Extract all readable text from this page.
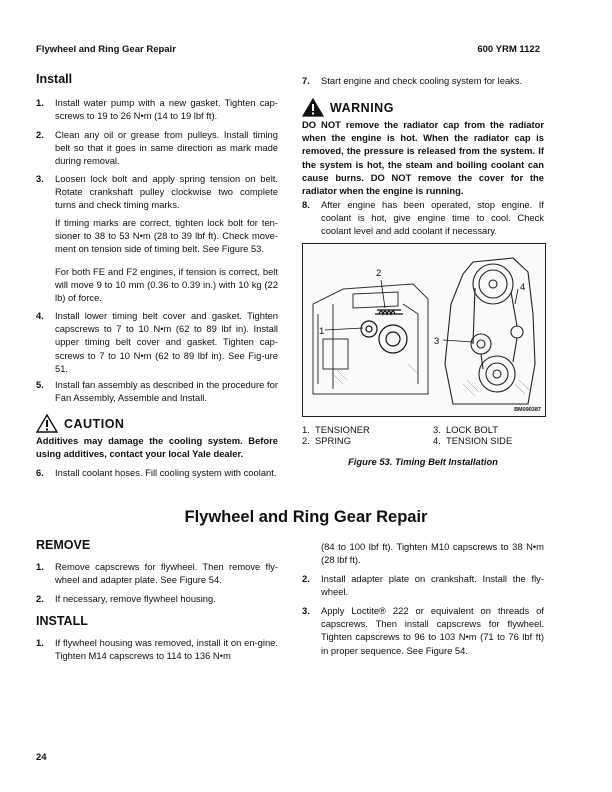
Flywheel and Ring Gear Repair	600 YRM 1122
Install
1. Install water pump with a new gasket. Tighten cap-screws to 19 to 26 N•m (14 to 19 lbf ft).
2. Clean any oil or grease from pulleys. Install timing belt so that it goes in same direction as mark made during removal.
3. Loosen lock bolt and apply spring tension on belt. Rotate crankshaft pulley clockwise two complete turns and check timing marks.
If timing marks are correct, tighten lock bolt for ten-sioner to 38 to 53 N•m (28 to 39 lbf ft). Check move-ment on tension side of timing belt. See Figure 53.
For both FE and F2 engines, if tension is correct, belt will move 9 to 10 mm (0.36 to 0.39 in.) with 10 kg (22 lb) of force.
4. Install lower timing belt cover and gasket. Tighten capscrews to 7 to 10 N•m (62 to 89 lbf in). Install upper timing belt cover and gasket. Tighten cap-screws to 7 to 10 N•m (62 to 89 lbf in). See Fig-ure 51.
5. Install fan assembly as described in the procedure for Fan Assembly, Assemble and Install.
CAUTION
Additives may damage the cooling system. Before using additives, contact your local Yale dealer.
6. Install coolant hoses. Fill cooling system with coolant.
7. Start engine and check cooling system for leaks.
WARNING
DO NOT remove the radiator cap from the radiator when the engine is hot. When the radiator cap is removed, the pressure is released from the system. If the system is hot, the steam and boiling coolant can cause burns. DO NOT remove the cover for the radiator when the engine is running.
8. After engine has been operated, stop engine. If coolant is hot, give engine time to cool. Check coolant level and add coolant if necessary.
1
2
3
4
BM090387
1. TENSIONER
2. SPRING
3. LOCK BOLT
4. TENSION SIDE
Figure 53. Timing Belt Installation
Flywheel and Ring Gear Repair
REMOVE
1. Remove capscrews for flywheel. Then remove fly-wheel and adapter plate. See Figure 54.
2. If necessary, remove flywheel housing.
INSTALL
1. If flywheel housing was removed, install it on en-gine. Tighten M14 capscrews to 114 to 136 N•m
(84 to 100 lbf ft). Tighten M10 capscrews to 38 N•m (28 lbf ft).
2. Install adapter plate on crankshaft. Install the fly-wheel.
3. Apply Loctite® 222 or equivalent on threads of capscrews. Then install capscrews for flywheel. Tighten capscrews to 96 to 103 N•m (71 to 76 lbf ft) in proper sequence. See Figure 54.
24
